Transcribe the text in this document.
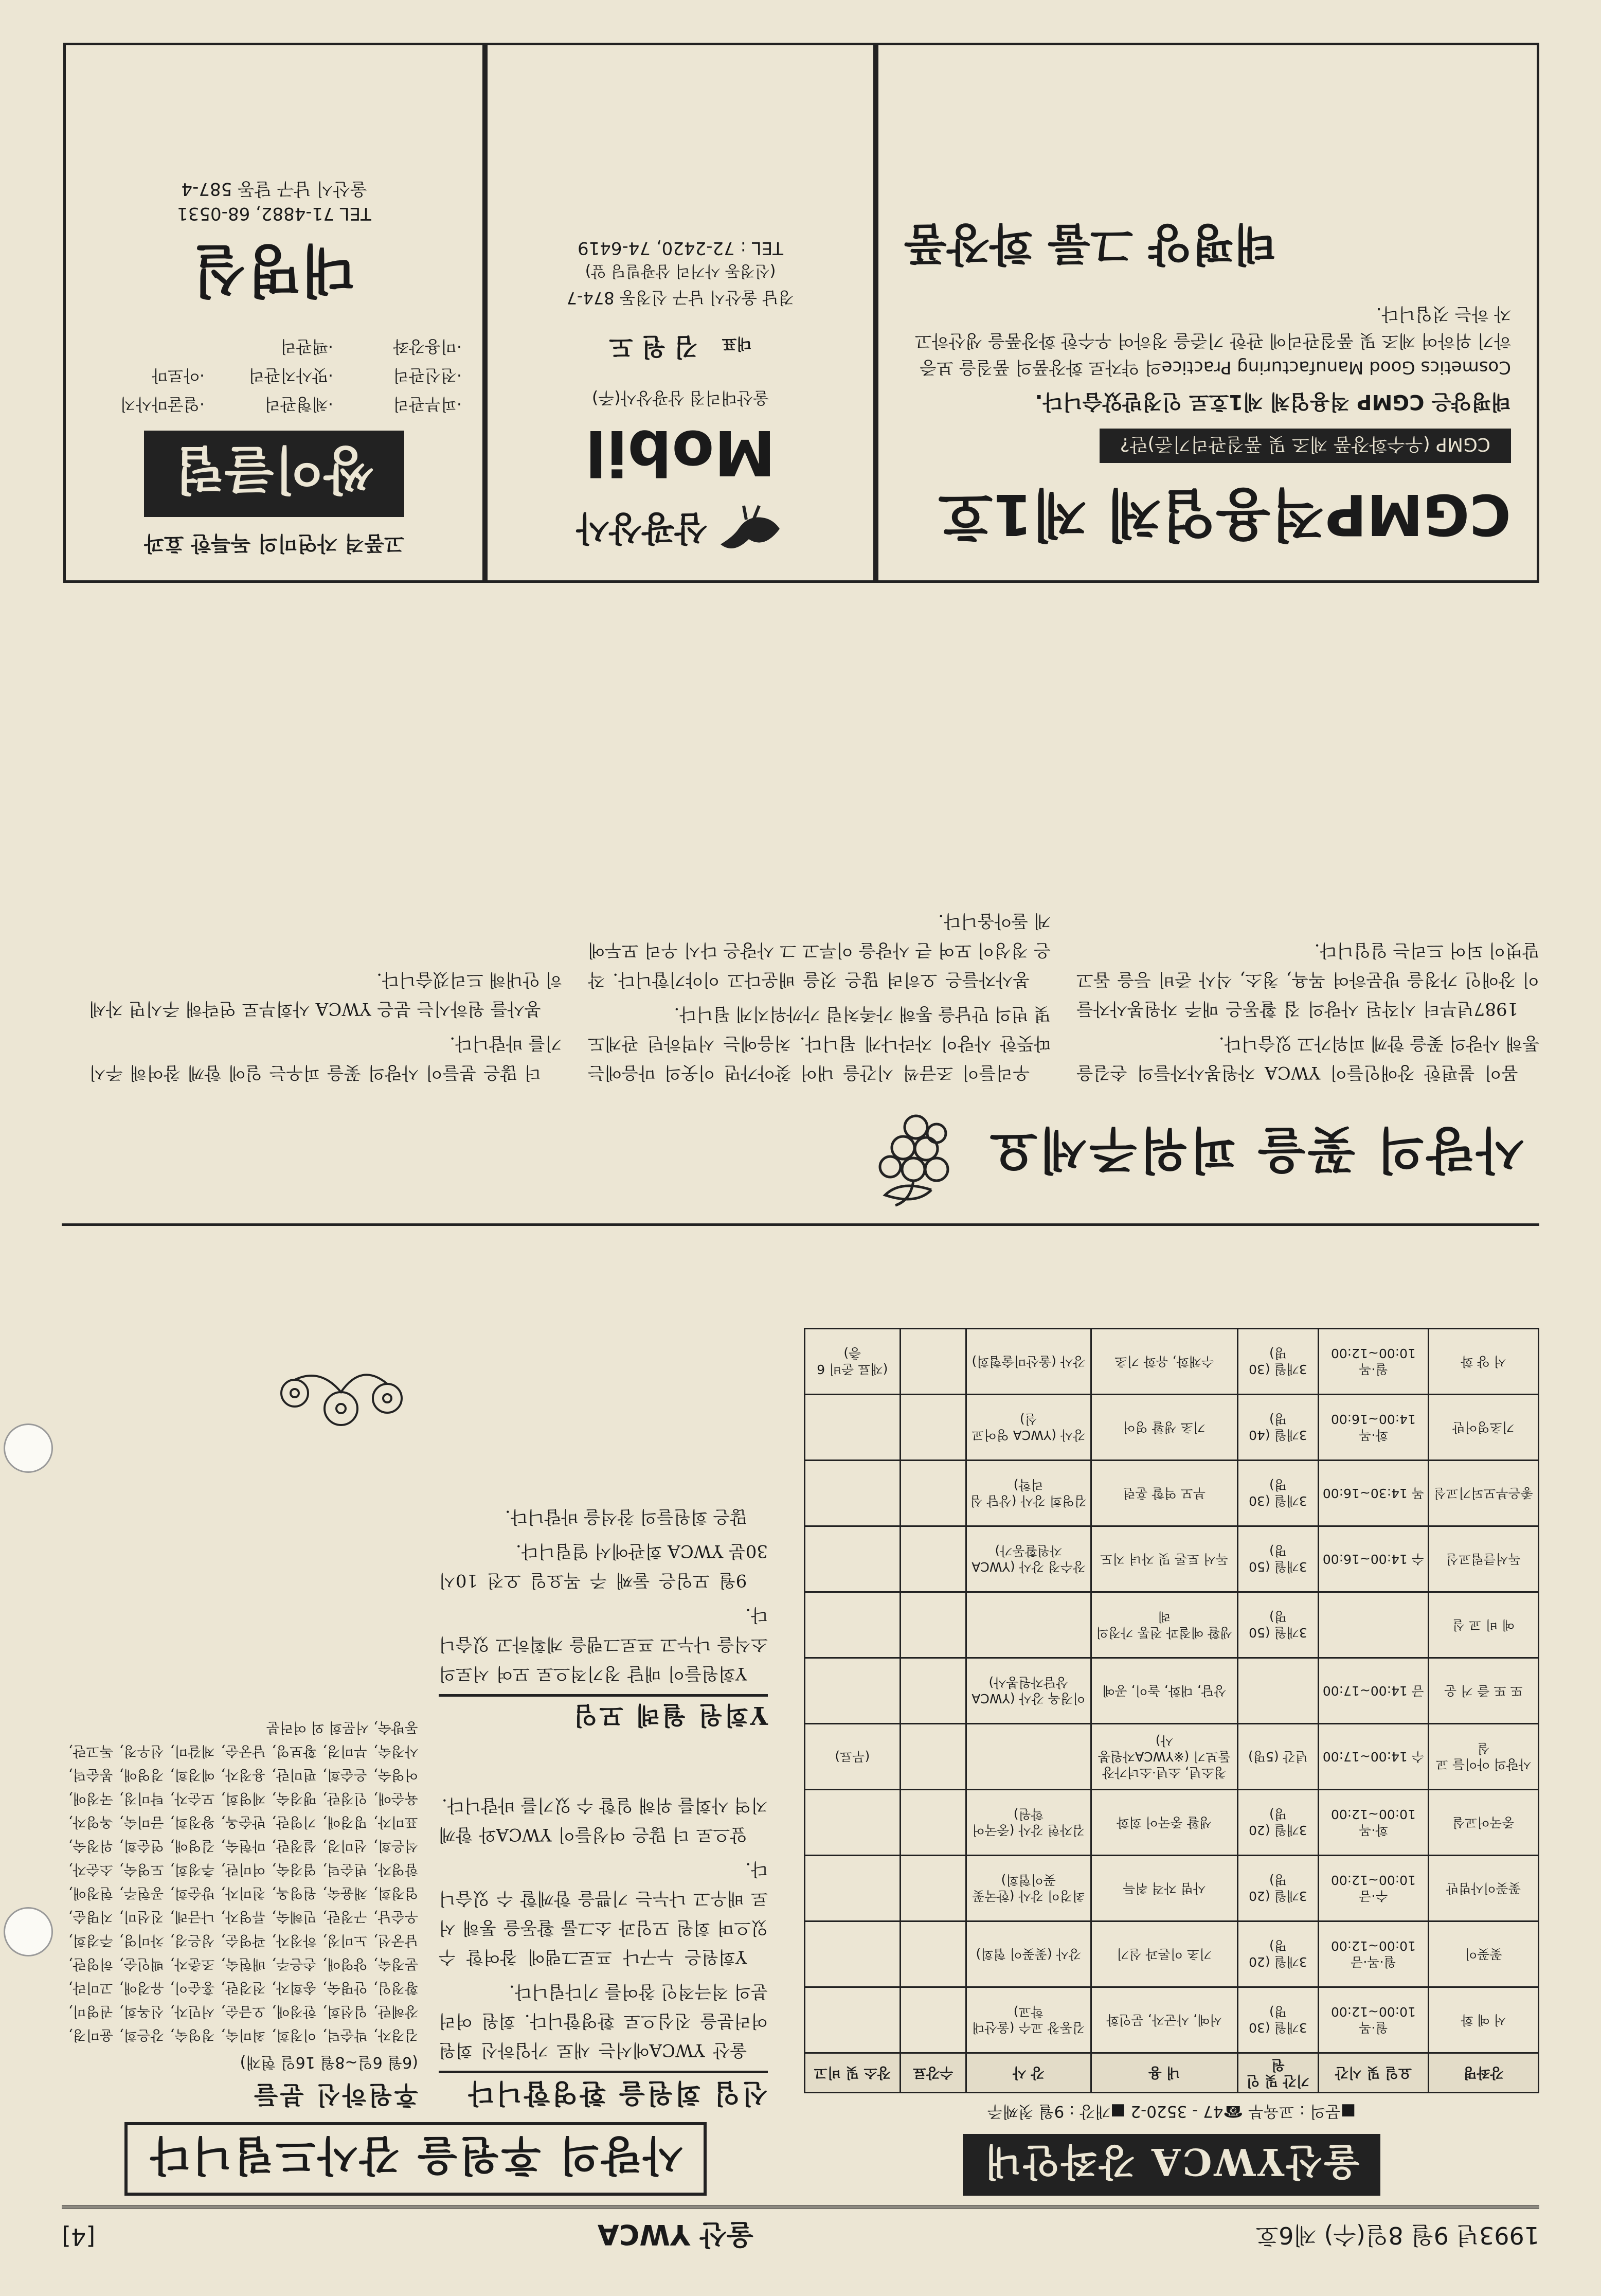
1993년 9월 8일(수) 제6호
울산 YWCA
[4]
울산YWCA 강좌안내
■문의 : 교육부 ☎47 - 3520-2 ■개강 : 9월 첫째주
강좌명	요일 및 시간	기간 및 인원	내 용	강 사	수강료	장소 및 비고
서 예 화	월·목 10:00~12:00	3개월 (30명)	서예, 사군자, 문인화	김동창 교수 (울산대학교)		
꽃꽂이	월·목·금 10:00~12:00	3개월 (20명)	기초 이론과 실기	강사 (꽃꽂이 협회)		
꽃꽂이사범반	수·금 10:00~12:00	3개월 (20명)	사범 자격 취득	최경이 강사 (한국꽃꽂이협회)		
중국어교실	화·목 10:00~12:00	3개월 (20명)	생활 중국어 회화	김자현 강사 (중국어학원)		
사랑의 아이들 교실	수 14:00~17:00	년간 (5명)	청소년, 소년·소녀가장 돌보기 (※YWCA자원봉사)			(무료)
또 또 즐 거 운	금 14:00~17:00		상담, 대화, 놀이, 공예	이경옥 강사 (YWCA상담자원봉사)		
예 비 교 실		3개월 (50명)	생활 예절과 전통 가정의례			
독서클럽교실	수 14:00~16:00	3개월 (50명)	독서 토론 및 자녀 지도	장수정 강사 (YWCA자원활동가)		
좋은부모되기교실	목 14:30~16:00	3개월 (30명)	부모 역할 훈련	김영희 강사 (상담 심리학)		
기초영어반	화·목 14:00~16:00	3개월 (40명)	기초 생활 영어	강사 (YWCA 영어교실)		
서 양 화	월·목 10:00~12:00	3개월 (30명)	수채화, 유화 기초	강사 (울산미술협회)		(재료 준비 6층)
사랑의 후원을 감사드립니다
신입 회원을 환영합니다

울산 YWCA에서는 새로 가입하신 회원 여러분을 진심으로 환영합니다. 회원 여러분의 적극적인 참여를 기다립니다.

Y회원은 누구나 프로그램에 참여할 수 있으며 회원 모임과 소그룹 활동을 통해 서로 배우고 나누는 기쁨을 함께할 수 있습니다.

앞으로 더 많은 여성들이 YWCA와 함께 지역 사회를 위해 일할 수 있기를 바랍니다.

Y회원 월례 모임

Y회원들이 매달 정기적으로 모여 서로의 소식을 나누고 프로그램을 계획하고 있습니다.

9월 모임은 둘째 주 목요일 오전 10시 30분 YWCA 회관에서 열립니다.

많은 회원들의 참석을 바랍니다.

후원하신 분들
(6월 6일~8월 16일 현재)
김경자, 박순덕, 이정희, 최미숙, 정영숙, 강은희, 윤미경, 장혜란, 임선희, 한정애, 오금순, 서민자, 신옥희, 권영미, 황정임, 안명숙, 송희자, 전경란, 홍순이, 유경애, 고미라, 문정숙, 양영애, 손은주, 배현숙, 조춘자, 백인순, 허영란, 남궁선, 노미정, 하정자, 곽영순, 성은경, 차미영, 주경희, 우순남, 구정란, 민혜숙, 류영자, 나금례, 진선미, 지명순, 엄정희, 채윤숙, 원영옥, 천미자, 방순희, 공현주, 현정애, 함영자, 변순덕, 염경숙, 여미란, 추정희, 도영숙, 소순자, 석은희, 선미경, 설정란, 마현숙, 길영애, 연순희, 위정숙, 표미자, 명경애, 기영란, 반순옥, 왕정희, 금미숙, 옥영자, 육순애, 인정란, 맹경숙, 제영희, 모순자, 탁미정, 국정애, 어영숙, 은순희, 편미란, 용정자, 예경희, 경영애, 봉순덕, 사정숙, 부미경, 황보영, 남궁순, 제갈미, 선우정, 독고란, 동방숙, 서문희 외 여러분
사랑의 꽃을 피워주세요

몸이 불편한 장애인들이 YWCA 자원봉사자들의 손길을 통해 사랑의 꽃을 함께 피워가고 있습니다.

1987년부터 시작된 사랑의 집 활동은 매주 자원봉사자들이 장애인 가정을 방문하여 목욕, 청소, 식사 준비 등을 돕고 말벗이 되어 드리는 일입니다.

우리들이 조금씩 시간을 내어 찾아가면 이웃의 마음에는 따뜻한 사랑이 자라나게 됩니다. 처음에는 서먹하던 관계도 몇 번의 만남을 통해 가족처럼 가까워지게 됩니다.

봉사자들은 오히려 많은 것을 배운다고 이야기합니다. 작은 정성이 모여 큰 사랑을 이루고 그 사랑은 다시 우리 모두에게 돌아옵니다.

더 많은 분들이 사랑의 꽃을 피우는 일에 함께 참여해 주시기를 바랍니다.

봉사를 원하시는 분은 YWCA 사회부로 연락해 주시면 자세히 안내해 드리겠습니다.

CGMP적용업체 제1호
CGMP (우수화장품 제조 및 품질관리기준)란?
태평양은 CGMP 적용업체 제1호로 인정받았습니다.
Cosmetics Good Manufacturing Practice의 약자로 화장품의 품질을 보증하기 위하여 제조 및 품질관리에 관한 기준을 정하여 우수한 화장품을 생산하고자 하는 것입니다.
태평양 그룹 화장품
삼광상사
Mobil
울산대리점 삼광상사(주)
대표 김 원 도
경남 울산시 남구 신정동 874-7
(신정동 사거리 삼광빌딩 앞)
TEL : 72-2420, 74-6419
고품격 자연미의 독특한 효과
쌍이클럽
·피부관리
·체형관리
·얼굴마사지
·전신관리
·맛사지관리
·아로마
·미용강좌
·팩관리
대명실
TEL 71-4882, 68-0531
울산시 남구 달동 587-4
